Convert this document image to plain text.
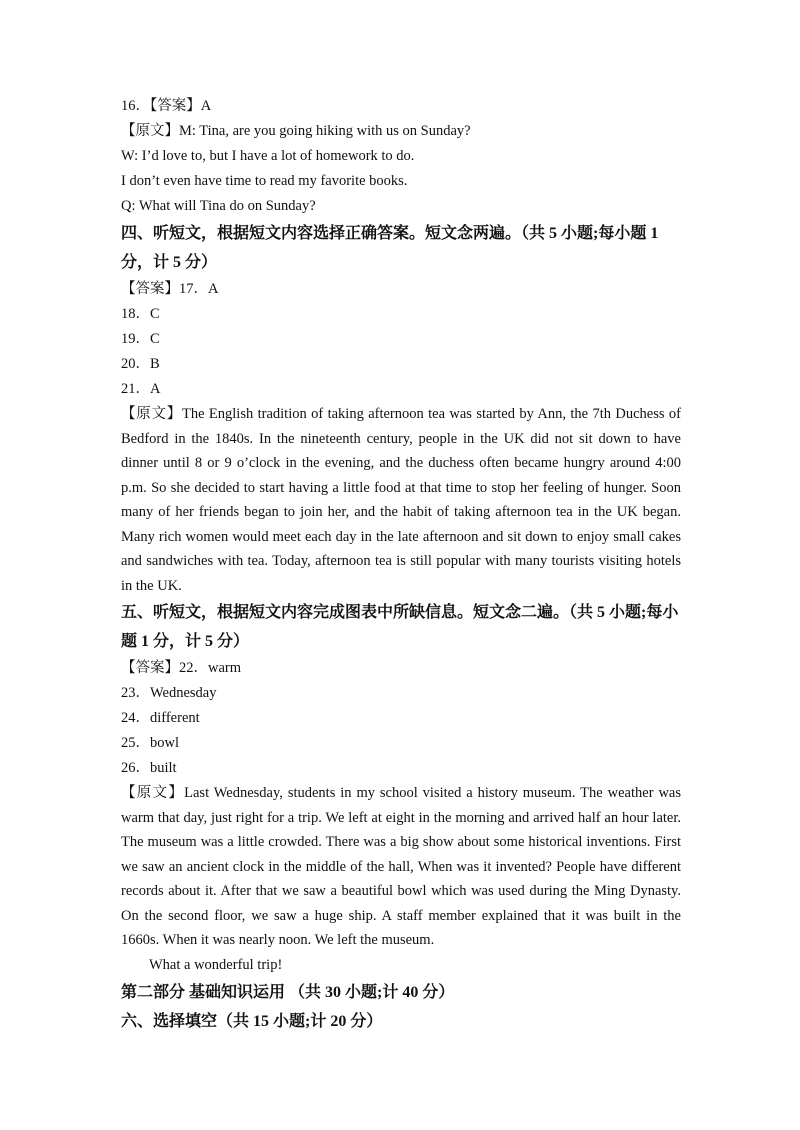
16．【答案】A
【原文】M: Tina, are you going hiking with us on Sunday?
W: I’d love to, but I have a lot of homework to do.
I don’t even have time to read my favorite books.
Q: What will Tina do on Sunday?

四、听短文，根据短文内容选择正确答案。短文念两遍。（共 5 小题;每小题 1 分，计 5 分）

【答案】17．A
18．C
19．C
20．B
21．A

【原文】The English tradition of taking afternoon tea was started by Ann, the 7th Duchess of Bedford in the 1840s. In the nineteenth century, people in the UK did not sit down to have dinner until 8 or 9 o’clock in the evening, and the duchess often became hungry around 4:00 p.m. So she decided to start having a little food at that time to stop her feeling of hunger. Soon many of her friends began to join her, and the habit of taking afternoon tea in the UK began. Many rich women would meet each day in the late afternoon and sit down to enjoy small cakes and sandwiches with tea. Today, afternoon tea is still popular with many tourists visiting hotels in the UK.

五、听短文，根据短文内容完成图表中所缺信息。短文念二遍。（共 5 小题;每小题 1 分，计 5 分）

【答案】22．warm
23．Wednesday
24．different
25．bowl
26．built

【原文】Last Wednesday, students in my school visited a history museum. The weather was warm that day, just right for a trip. We left at eight in the morning and arrived half an hour later. The museum was a little crowded. There was a big show about some historical inventions. First we saw an ancient clock in the middle of the hall, When was it invented? People have different records about it. After that we saw a beautiful bowl which was used during the Ming Dynasty. On the second floor, we saw a huge ship. A staff member explained that it was built in the 1660s. When it was nearly noon. We left the museum.

What a wonderful trip!

第二部分 基础知识运用 （共 30 小题;计 40 分）

六、选择填空（共 15 小题;计 20 分）
